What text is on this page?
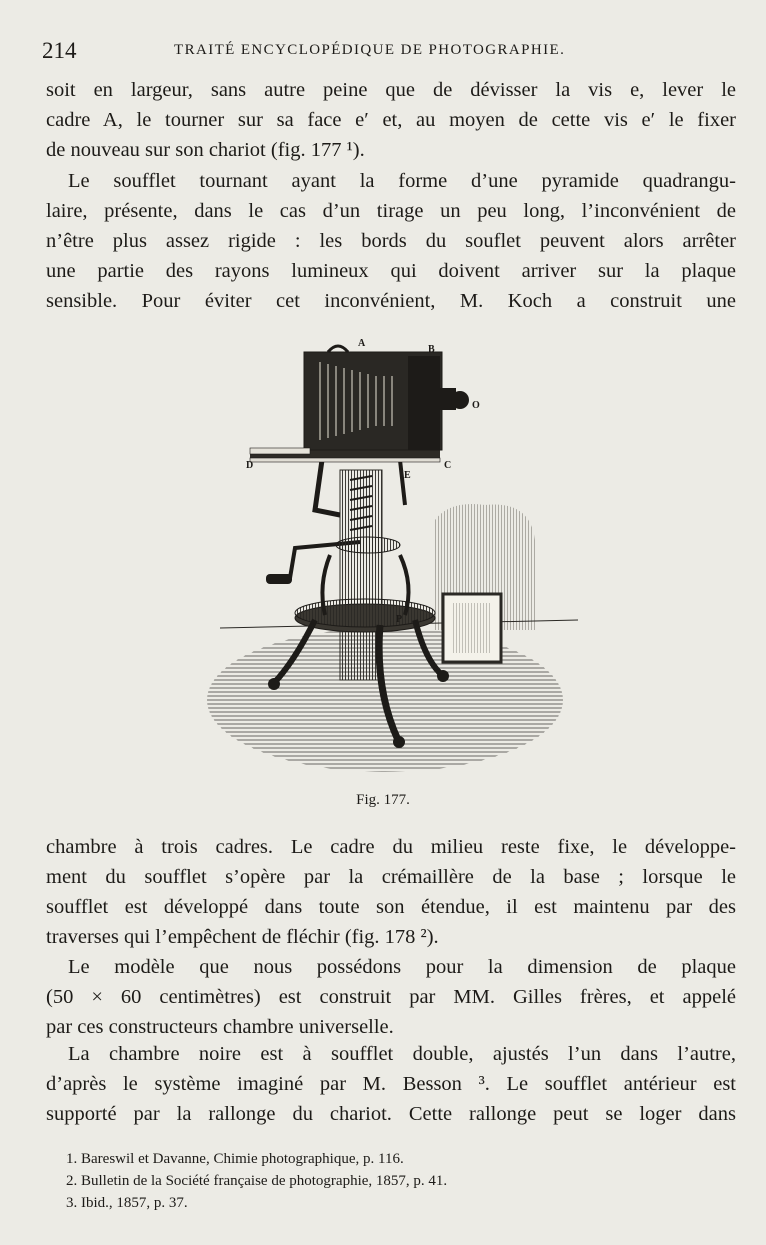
214	TRAITÉ ENCYCLOPÉDIQUE DE PHOTOGRAPHIE.
soit en largeur, sans autre peine que de dévisser la vis e, lever le
cadre A, le tourner sur sa face e′ et, au moyen de cette vis e′ le fixer
de nouveau sur son chariot (fig. 177 ¹).
Le soufflet tournant ayant la forme d’une pyramide quadrangu-
laire, présente, dans le cas d’un tirage un peu long, l’inconvénient de
n’être plus assez rigide : les bords du souflet peuvent alors arrêter
une partie des rayons lumineux qui doivent arriver sur la plaque
sensible. Pour éviter cet inconvénient, M. Koch a construit une
A
B
O
D	C
E
P
Fig. 177.
chambre à trois cadres. Le cadre du milieu reste fixe, le développe-
ment du soufflet s’opère par la crémaillère de la base ; lorsque le
soufflet est développé dans toute son étendue, il est maintenu par des
traverses qui l’empêchent de fléchir (fig. 178 ²).
Le modèle que nous possédons pour la dimension de plaque
(50 × 60 centimètres) est construit par MM. Gilles frères, et appelé
par ces constructeurs chambre universelle.
La chambre noire est à soufflet double, ajustés l’un dans l’autre,
d’après le système imaginé par M. Besson ³. Le soufflet antérieur est
supporté par la rallonge du chariot. Cette rallonge peut se loger dans
1. Bareswil et Davanne, Chimie photographique, p. 116.
2. Bulletin de la Société française de photographie, 1857, p. 41.
3. Ibid., 1857, p. 37.
